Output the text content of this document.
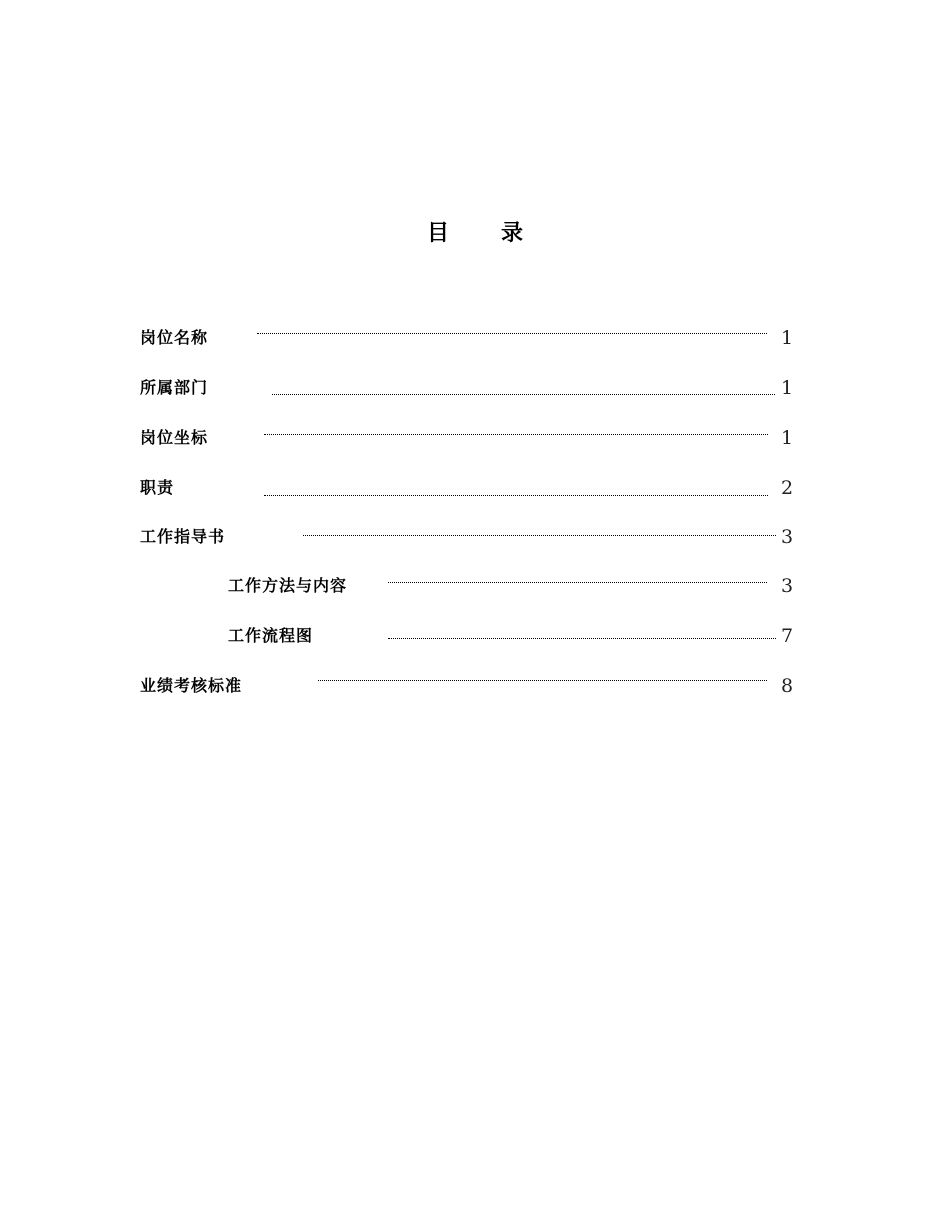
目 录
岗位名称	1
所属部门	1
岗位坐标	1
职责	2
工作指导书	3
工作方法与内容	3
工作流程图	7
业绩考核标准	8
